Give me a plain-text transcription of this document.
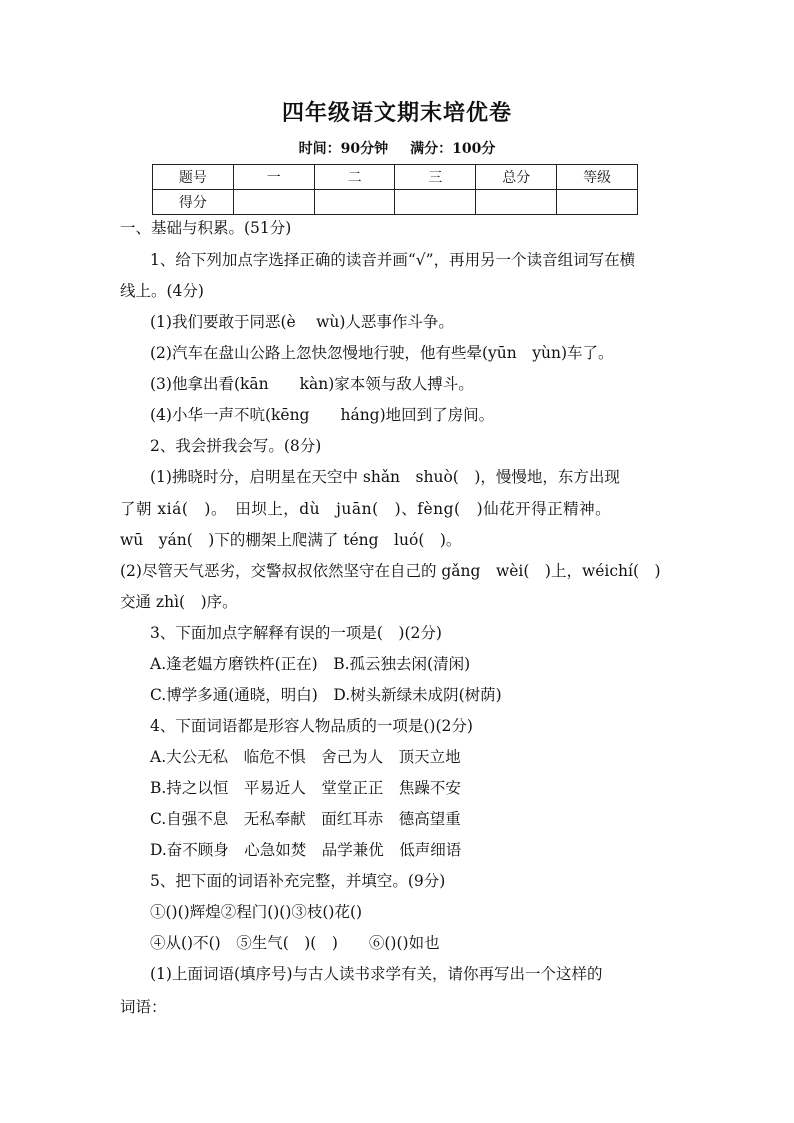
四年级语文期末培优卷
时间：90分钟 满分：100分
题号	一	二	三	总分	等级
得分					
一、基础与积累。(51分)
1、给下列加点字选择正确的读音并画“√”，再用另一个读音组词写在横
线上。(4分)
(1)我们要敢于同恶(è　 wù)人恶事作斗争。
(2)汽车在盘山公路上忽快忽慢地行驶，他有些晕(yūn　yùn)车了。
(3)他拿出看(kān　　kàn)家本领与敌人搏斗。
(4)小华一声不吭(kēng　　háng)地回到了房间。
2、我会拼我会写。(8分)
(1)拂晓时分，启明星在天空中 shǎn　shuò(　)，慢慢地，东方出现
了朝 xiá(　)。　田坝上，dù　juān(　)、fèng(　)仙花开得正精神。
wū　yán(　)下的棚架上爬满了 téng　luó(　)。
(2)尽管天气恶劣，交警叔叔依然坚守在自己的 gǎng　wèi(　)上，wéichí(　)
交通 zhì(　)序。
3、下面加点字解释有误的一项是(　)(2分)
A.逢老媪方磨铁杵(正在)　B.孤云独去闲(清闲)
C.博学多通(通晓，明白)　D.树头新绿未成阴(树荫)
4、下面词语都是形容人物品质的一项是()(2分)
A.大公无私　临危不惧　舍己为人　顶天立地
B.持之以恒　平易近人　堂堂正正　焦躁不安
C.自强不息　无私奉献　面红耳赤　德高望重
D.奋不顾身　心急如焚　品学兼优　低声细语
5、把下面的词语补充完整，并填空。(9分)
①()()辉煌②程门()()③枝()花()
④从()不()　⑤生气(　)(　)　　⑥()()如也
(1)上面词语(填序号)与古人读书求学有关，请你再写出一个这样的
词语：
